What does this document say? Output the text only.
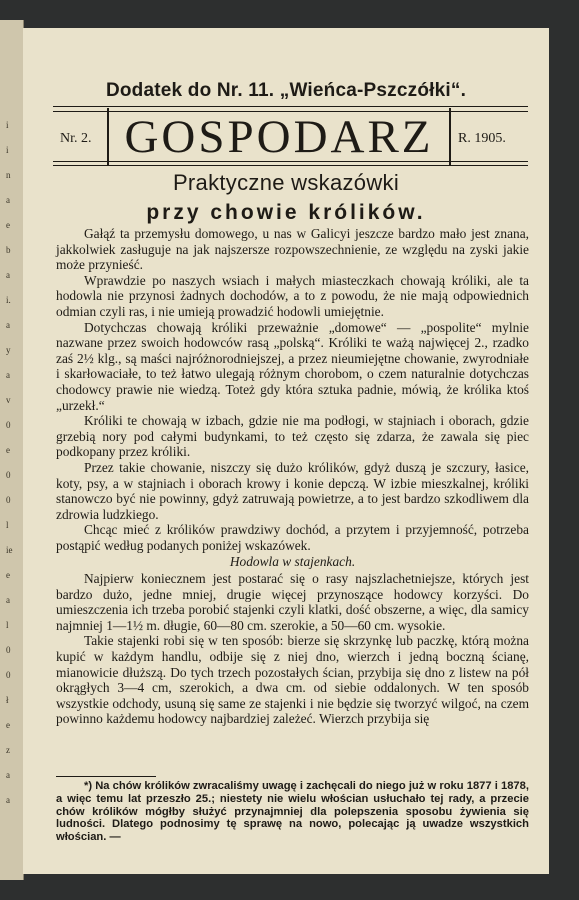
i
i
n
a
e
b
a
i.
a
y
a
v
0
e
0
0
l
ie
e
a
l
0
0
ł
e
z
a
a
Dodatek do Nr. 11. „Wieńca-Pszczółki“.
Nr. 2. GOSPODARZ	R. 1905.
Praktyczne wskazówki
przy chowie królików.

Gałąź ta przemysłu domowego, u nas w Galicyi jeszcze bardzo mało jest znana, jakkolwiek zasługuje na jak najszersze rozpowszechnienie, ze względu na zyski jakie może przynieść.

Wprawdzie po naszych wsiach i małych miasteczkach chowają króliki, ale ta hodowla nie przynosi żadnych dochodów, a to z powodu, że nie mają odpowiednich odmian czyli ras, i nie umieją prowadzić hodowli umiejętnie.

Dotychczas chowają króliki przeważnie „domowe“ — „pospolite“ mylnie nazwane przez swoich hodowców rasą „polską“. Króliki te ważą najwięcej 2., rzadko zaś 2½ klg., są maści najróżnorodniejszej, a przez nieumiejętne chowanie, zwyrodniałe i skarłowaciałe, to też łatwo ulegają różnym chorobom, o czem naturalnie dotychczas chodowcy prawie nie wiedzą. Toteż gdy która sztuka padnie, mówią, że królika ktoś „urzekł.“

Króliki te chowają w izbach, gdzie nie ma podłogi, w stajniach i oborach, gdzie grzebią nory pod całymi budynkami, to też często się zdarza, że zawala się piec podkopany przez króliki.

Przez takie chowanie, niszczy się dużo królików, gdyż duszą je szczury, łasice, koty, psy, a w stajniach i oborach krowy i konie depczą. W izbie mieszkalnej, króliki stanowczo być nie powinny, gdyż zatruwają powietrze, a to jest bardzo szkodliwem dla zdrowia ludzkiego.

Chcąc mieć z królików prawdziwy dochód, a przytem i przyjemność, potrzeba postąpić według podanych poniżej wskazówek.

Hodowla w stajenkach.

Najpierw koniecznem jest postarać się o rasy najszlachetniejsze, których jest bardzo dużo, jedne mniej, drugie więcej przynoszące hodowcy korzyści. Do umieszczenia ich trzeba porobić stajenki czyli klatki, dość obszerne, a więc, dla samicy najmniej 1—1½ m. długie, 60—80 cm. szerokie, a 50—60 cm. wysokie.

Takie stajenki robi się w ten sposób: bierze się skrzynkę lub paczkę, którą można kupić w każdym handlu, odbije się z niej dno, wierzch i jedną boczną ścianę, mianowicie dłuższą. Do tych trzech pozostałych ścian, przybija się dno z listew na pół okrągłych 3—4 cm, szerokich, a dwa cm. od siebie oddalonych. W ten sposób wszystkie odchody, usuną się same ze stajenki i nie będzie się tworzyć wilgoć, na czem powinno każdemu hodowcy najbardziej zależeć. Wierzch przybija się

*) Na chów królików zwracaliśmy uwagę i zachęcali do niego już w roku 1877 i 1878, a więc temu lat przeszło 25.; niestety nie wielu włościan usłuchało tej rady, a przecie chów królików mógłby służyć przynajmniej dla polepszenia sposobu żywienia się ludności. Dlatego podnosimy tę sprawę na nowo, polecając ją uwadze wszystkich włościan. —
